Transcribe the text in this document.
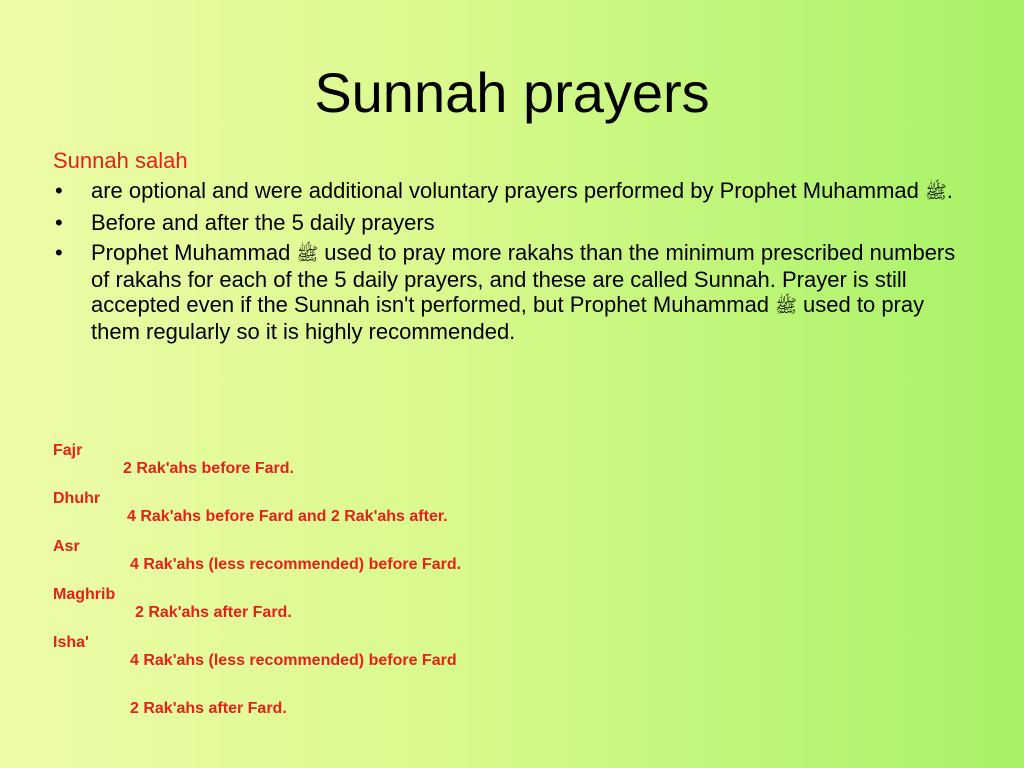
Sunnah prayers
Sunnah salah
• are optional and were additional voluntary prayers performed by Prophet Muhammad ﷺ.
• Before and after the 5 daily prayers
• Prophet Muhammad ﷺ used to pray more rakahs than the minimum prescribed numbers of rakahs for each of the 5 daily prayers, and these are called Sunnah. Prayer is still accepted even if the Sunnah isn't performed, but Prophet Muhammad ﷺ used to pray them regularly so it is highly recommended.

Fajr

2 Rak'ahs before Fard.

Dhuhr

4 Rak'ahs before Fard and 2 Rak'ahs after.

Asr

4 Rak'ahs (less recommended) before Fard.

Maghrib

2 Rak'ahs after Fard.

Isha'

4 Rak'ahs (less recommended) before Fard

2 Rak'ahs after Fard.
